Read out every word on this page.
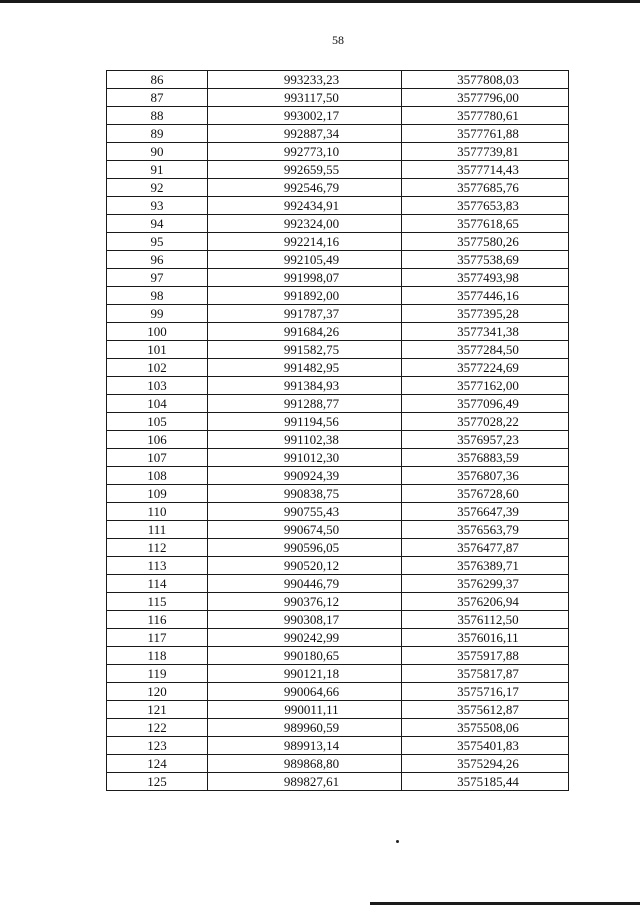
58
86	993233,23	3577808,03
87	993117,50	3577796,00
88	993002,17	3577780,61
89	992887,34	3577761,88
90	992773,10	3577739,81
91	992659,55	3577714,43
92	992546,79	3577685,76
93	992434,91	3577653,83
94	992324,00	3577618,65
95	992214,16	3577580,26
96	992105,49	3577538,69
97	991998,07	3577493,98
98	991892,00	3577446,16
99	991787,37	3577395,28
100	991684,26	3577341,38
101	991582,75	3577284,50
102	991482,95	3577224,69
103	991384,93	3577162,00
104	991288,77	3577096,49
105	991194,56	3577028,22
106	991102,38	3576957,23
107	991012,30	3576883,59
108	990924,39	3576807,36
109	990838,75	3576728,60
110	990755,43	3576647,39
111	990674,50	3576563,79
112	990596,05	3576477,87
113	990520,12	3576389,71
114	990446,79	3576299,37
115	990376,12	3576206,94
116	990308,17	3576112,50
117	990242,99	3576016,11
118	990180,65	3575917,88
119	990121,18	3575817,87
120	990064,66	3575716,17
121	990011,11	3575612,87
122	989960,59	3575508,06
123	989913,14	3575401,83
124	989868,80	3575294,26
125	989827,61	3575185,44
